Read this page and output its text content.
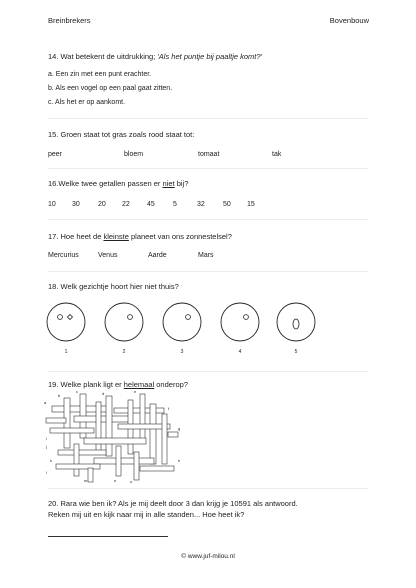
Breinbrekers	Bovenbouw
14. Wat betekent de uitdrukking; 'Als het puntje bij paaltje komt?'
a. Een zin met een punt erachter.
b. Als een vogel op een paal gaat zitten.
c. Als het er op aankomt.
15. Groen staat tot gras zoals rood staat tot:
peer	bloem	tomaat	tak
16.Welke twee getallen passen er niet bij?
10 30	20 22 45	5	32	50 15
17. Hoe heet de kleinste planeet van ons zonnestelsel?
Mercurius	Venus	Aarde	Mars
18. Welk gezichtje hoort hier niet thuis?
1	2	3	4	5
19. Welke plank ligt er helemaal onderop?
a
b
c	d	e
f
g
h
i
j
k
l
m	n	o
20. Rara wie ben ik? Als je mij deelt door 3 dan krijg je 10591 als antwoord.
Reken mij uit en kijk naar mij in alle standen... Hoe heet ik?
© www.juf-milou.nl
